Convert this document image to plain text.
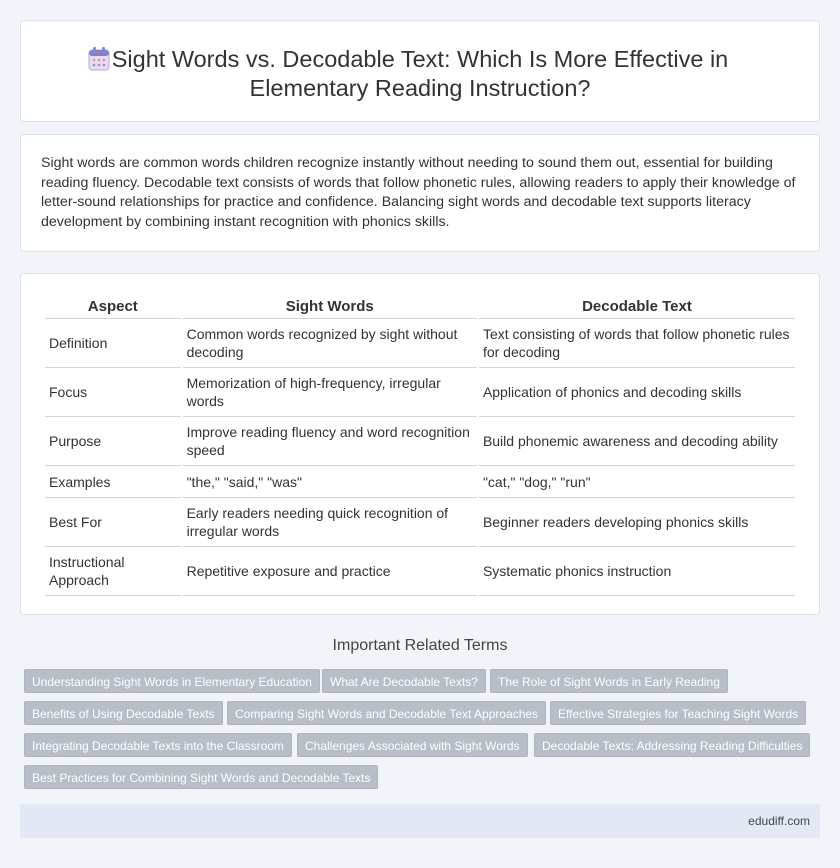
Sight Words vs. Decodable Text: Which Is More Effective in
Elementary Reading Instruction?

Sight words are common words children recognize instantly without needing to sound them out, essential for building reading fluency. Decodable text consists of words that follow phonetic rules, allowing readers to apply their knowledge of letter-sound relationships for practice and confidence. Balancing sight words and decodable text supports literacy development by combining instant recognition with phonics skills.

Aspect	Sight Words	Decodable Text
Definition	Common words recognized by sight without decoding	Text consisting of words that follow phonetic rules for decoding
Focus	Memorization of high-frequency, irregular words	Application of phonics and decoding skills
Purpose	Improve reading fluency and word recognition speed	Build phonemic awareness and decoding ability
Examples	"the," "said," "was"	"cat," "dog," "run"
Best For	Early readers needing quick recognition of irregular words	Beginner readers developing phonics skills
Instructional Approach	Repetitive exposure and practice	Systematic phonics instruction
Important Related Terms
Understanding Sight Words in Elementary Education	What Are Decodable Texts?	The Role of Sight Words in Early Reading
Benefits of Using Decodable Texts	Comparing Sight Words and Decodable Text Approaches	Effective Strategies for Teaching Sight Words
Integrating Decodable Texts into the Classroom	Challenges Associated with Sight Words	Decodable Texts: Addressing Reading Difficulties
Best Practices for Combining Sight Words and Decodable Texts
edudiff.com
